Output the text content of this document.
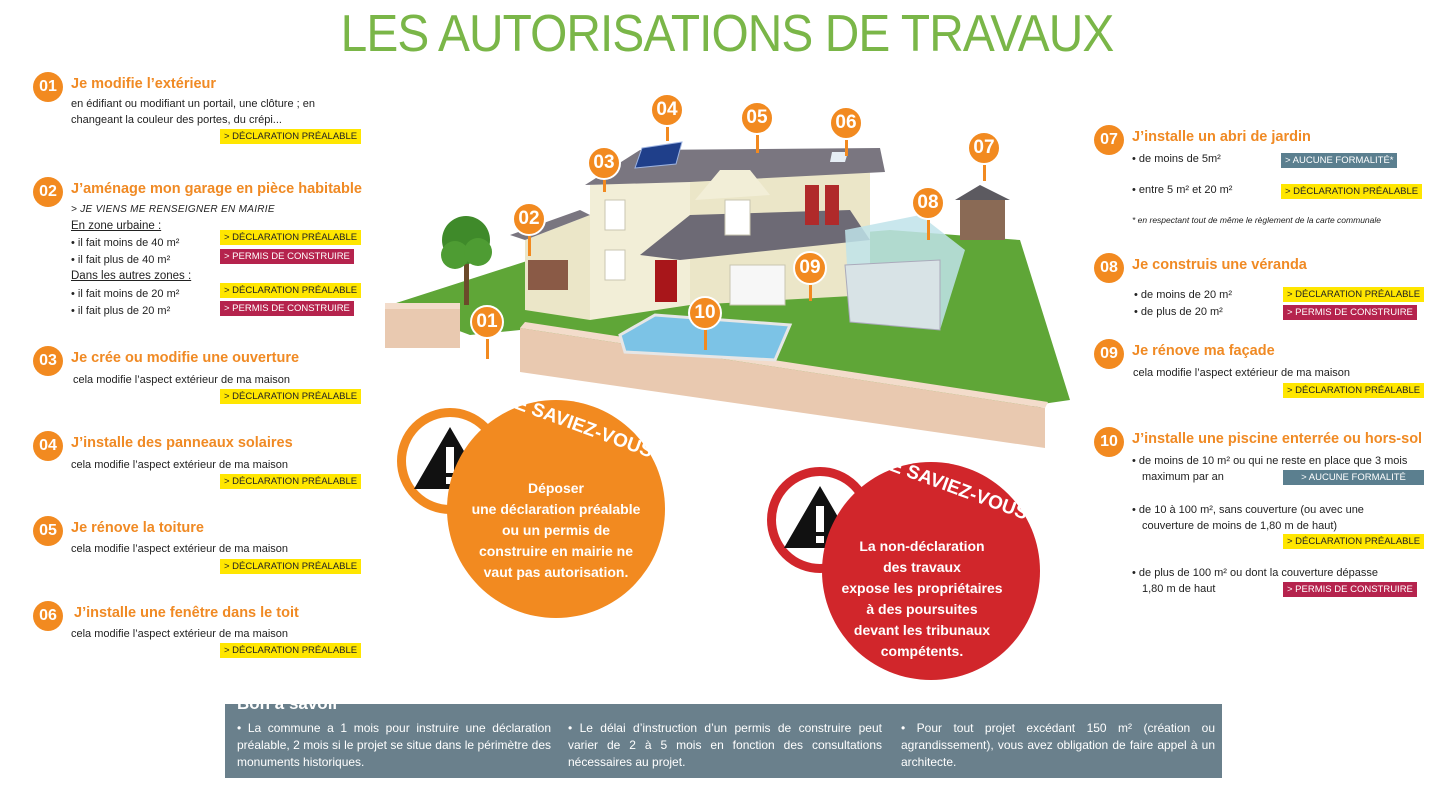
LES AUTORISATIONS DE TRAVAUX
01 Je modifie l’extérieur
en édifiant ou modifiant un portail, une clôture ; en
changeant la couleur des portes, du crépi...
> DÉCLARATION PRÉALABLE
02 J’aménage mon garage en pièce habitable
> JE VIENS ME RENSEIGNER EN MAIRIE
En zone urbaine :
• il fait moins de 40 m²	> DÉCLARATION PRÉALABLE
• il fait plus de 40 m²	> PERMIS DE CONSTRUIRE
Dans les autres zones :
• il fait moins de 20 m²	> DÉCLARATION PRÉALABLE
• il fait plus de 20 m²	> PERMIS DE CONSTRUIRE
03 Je crée ou modifie une ouverture
cela modifie l’aspect extérieur de ma maison
> DÉCLARATION PRÉALABLE
04 J’installe des panneaux solaires
cela modifie l’aspect extérieur de ma maison
> DÉCLARATION PRÉALABLE
05 Je rénove la toiture
cela modifie l’aspect extérieur de ma maison
> DÉCLARATION PRÉALABLE
06	J’installe une fenêtre dans le toit
cela modifie l’aspect extérieur de ma maison
> DÉCLARATION PRÉALABLE
01
02
03
04	05	06
07
08
09
10
LE SAVIEZ-VOUS ?
Déposer
une déclaration préalable
ou un permis de
construire en mairie ne
vaut pas autorisation.
LE SAVIEZ-VOUS ?
La non-déclaration
des travaux
expose les propriétaires
à des poursuites
devant les tribunaux
compétents.
07 J’installe un abri de jardin
• de moins de 5m²	> AUCUNE FORMALITÉ*
• entre 5 m² et 20 m²	> DÉCLARATION PRÉALABLE
* en respectant tout de même le règlement de la carte communale
08 Je construis une véranda
• de moins de 20 m²	> DÉCLARATION PRÉALABLE
• de plus de 20 m²	> PERMIS DE CONSTRUIRE
09 Je rénove ma façade
cela modifie l’aspect extérieur de ma maison
> DÉCLARATION PRÉALABLE
10 J’installe une piscine enterrée ou hors-sol
• de moins de 10 m² ou qui ne reste en place que 3 mois
maximum par an	> AUCUNE FORMALITÉ
• de 10 à 100 m², sans couverture (ou avec une
couverture de moins de 1,80 m de haut)
> DÉCLARATION PRÉALABLE
• de plus de 100 m² ou dont la couverture dépasse
1,80 m de haut	> PERMIS DE CONSTRUIRE
• La commune a 1 mois pour instruire une déclaration préalable, 2 mois si le projet se situe dans le périmètre des monuments historiques.
• Le délai d’instruction d’un permis de construire peut varier de 2 à 5 mois en fonction des consultations nécessaires au projet.
• Pour tout projet excédant 150 m² (création ou agrandissement), vous avez obligation de faire appel à un architecte.
Bon à savoir
